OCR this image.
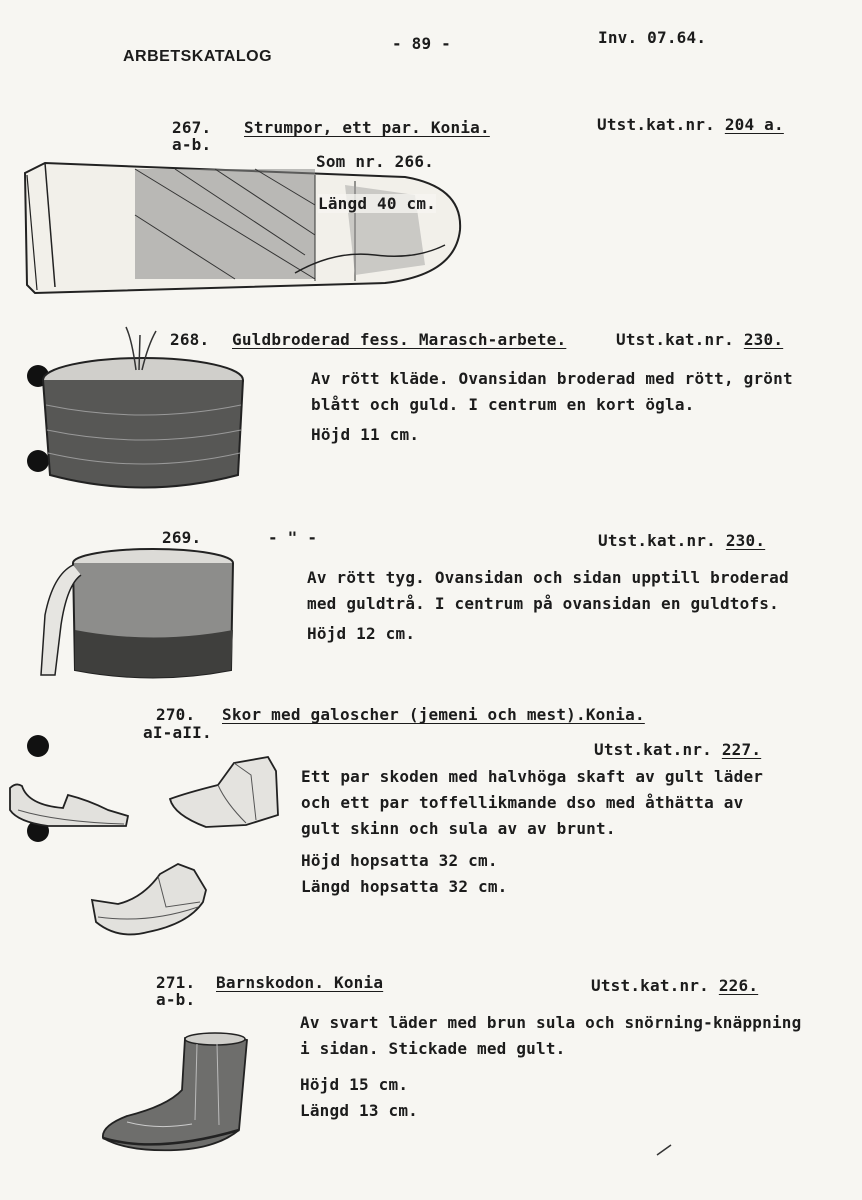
ARBETSKATALOG
- 89 -	Inv. 07.64.
267.
a-b.
Strumpor, ett par. Konia.	Utst.kat.nr. 204 a.
Som nr. 266.
Längd 40 cm.
268. Guldbroderad fess. Marasch-arbete.	Utst.kat.nr. 230.
Av rött kläde. Ovansidan broderad med rött, grönt
blått och guld. I centrum en kort ögla.
Höjd 11 cm.
269.	- " -	Utst.kat.nr. 230.
Av rött tyg. Ovansidan och sidan upptill broderad
med guldtrå. I centrum på ovansidan en guldtofs.
Höjd 12 cm.
270.
aI-aII.
Skor med galoscher (jemeni och mest).Konia.
Utst.kat.nr. 227.
Ett par skoden med halvhöga skaft av gult läder
och ett par toffellikmande dso med åthätta av
gult skinn och sula av av brunt.
Höjd hopsatta 32 cm.
Längd hopsatta 32 cm.
271.
a-b.
Barnskodon. Konia	Utst.kat.nr. 226.
Av svart läder med brun sula och snörning-knäppning
i sidan. Stickade med gult.
Höjd 15 cm.
Längd 13 cm.
